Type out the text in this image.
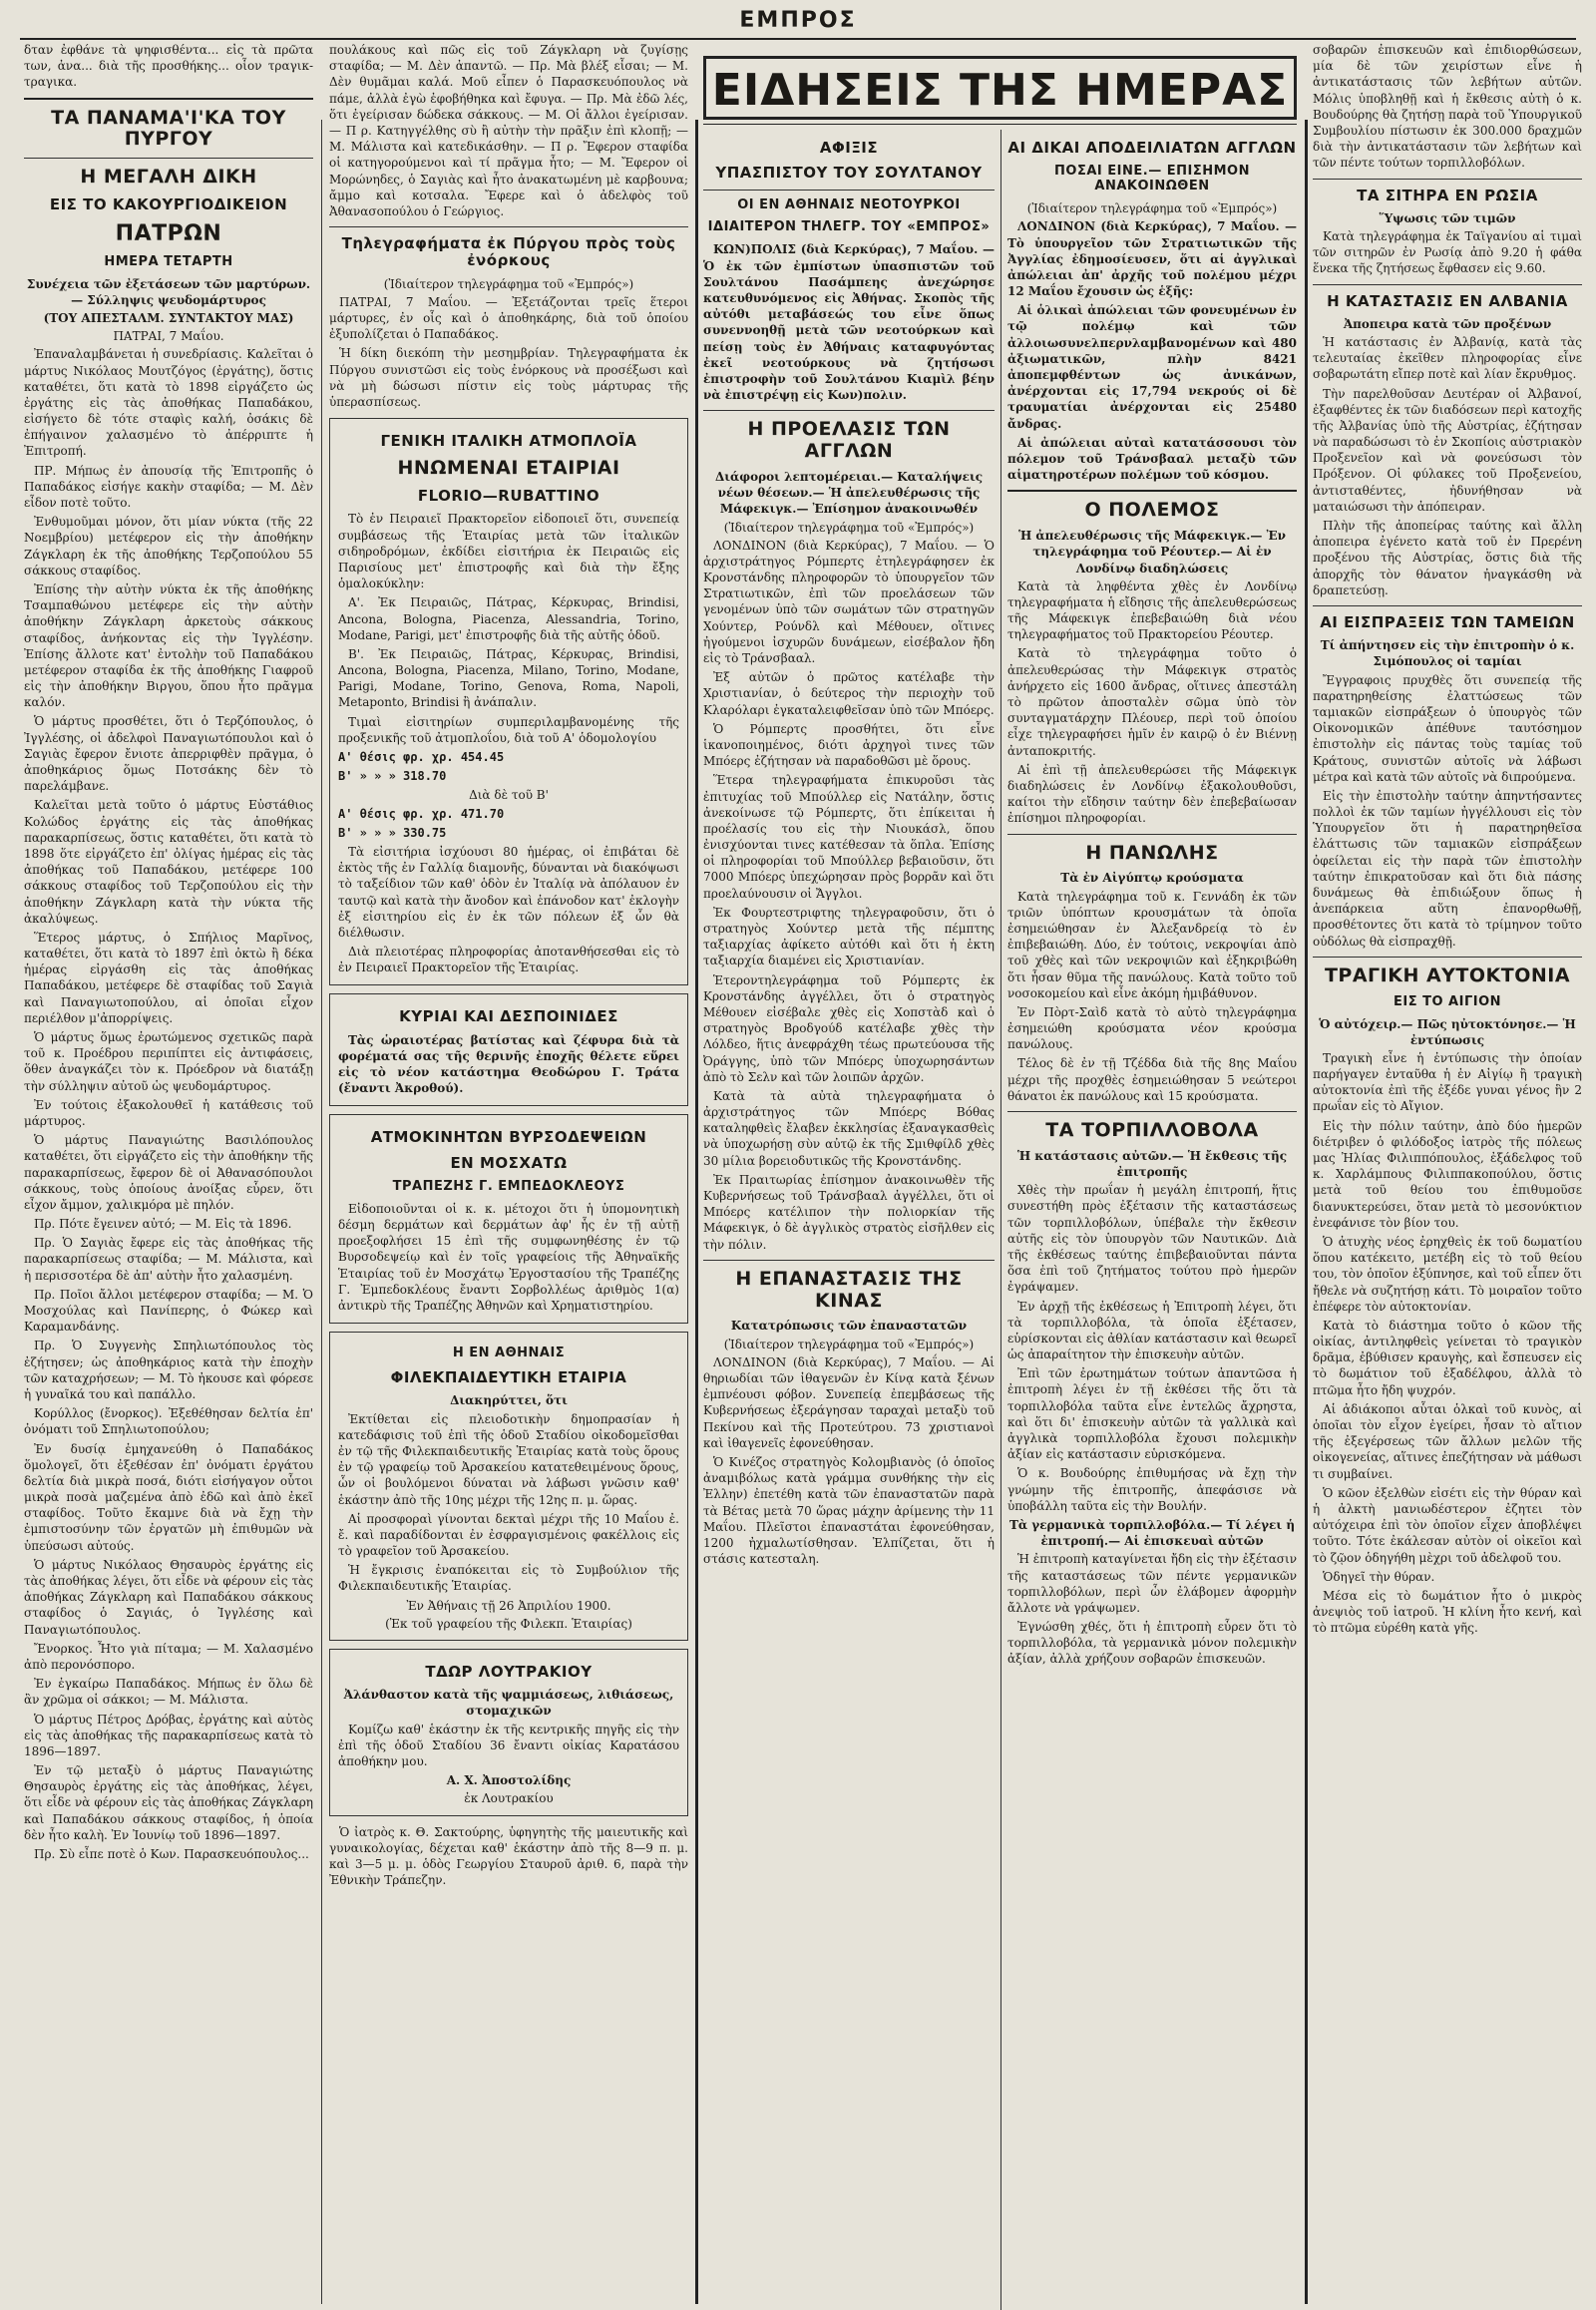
ΕΜΠΡΟΣ
ΕΙΔΗΣΕΙΣ ΤΗΣ ΗΜΕΡΑΣ

δταν ἐφθάνε τὰ ψηφισθέντα... εἰς τὰ πρῶτα των, ἀνα... διὰ τῆς προσθήκης... οἷον τραγικ-τραγικα.

ΤΑ ΠΑΝΑΜΑ'Ι'ΚΑ ΤΟΥ ΠΥΡΓΟΥ
Η ΜΕΓΑΛΗ ΔΙΚΗ
ΕΙΣ ΤΟ ΚΑΚΟΥΡΓΙΟΔΙΚΕΙΟΝ
ΠΑΤΡΩΝ
ΗΜΕΡΑ ΤΕΤΑΡΤΗ

Συνέχεια τῶν ἐξετάσεων τῶν μαρτύρων.— Σύλληψις ψευδομάρτυρος

(ΤΟΥ ΑΠΕΣΤΑΛΜ. ΣΥΝΤΑΚΤΟΥ ΜΑΣ)

ΠΑΤΡΑΙ, 7 Μαΐου.

Ἐπαναλαμβάνεται ἡ συνεδρίασις. Καλεῖται ὁ μάρτυς Νικόλαος Μουτζόγος (ἐργάτης), ὅστις καταθέτει, ὅτι κατὰ τὸ 1898 εἰργάζετο ὡς ἐργάτης εἰς τὰς ἀποθήκας Παπαδάκου, εἰσήγετο δὲ τότε σταφὶς καλή, ὀσάκις δὲ ἐπήγαινον χαλασμένο τὸ ἀπέρριπτε ἡ Ἐπιτροπή.

ΠΡ. Μήπως ἐν ἀπουσίᾳ τῆς Ἐπιτροπῆς ὁ Παπαδάκος εἰσήγε κακὴν σταφίδα; — Μ. Δὲν εἶδον ποτὲ τοῦτο.

Ἐνθυμοῦμαι μόνον, ὅτι μίαν νύκτα (τῆς 22 Νοεμβρίου) μετέφερον εἰς τὴν ἀποθήκην Ζάγκλαρη ἐκ τῆς ἀποθήκης Τερζοπούλου 55 σάκκους σταφίδος.

Ἐπίσης τὴν αὐτὴν νύκτα ἐκ τῆς ἀποθήκης Τσαμπαθώνου μετέφερε εἰς τὴν αὐτὴν ἀποθήκην Ζάγκλαρη ἀρκετοὺς σάκκους σταφίδος, ἀνήκοντας εἰς τὴν Ἰγγλέσην. Ἐπίσης ἄλλοτε κατ' ἐντολὴν τοῦ Παπαδάκου μετέφερον σταφίδα ἐκ τῆς ἀποθήκης Γιαφροῦ εἰς τὴν ἀποθήκην Βιργου, ὅπου ἦτο πρᾶγμα καλόν.

Ὁ μάρτυς προσθέτει, ὅτι ὁ Τερζόπουλος, ὁ Ἰγγλέσης, οἱ ἀδελφοὶ Παναγιωτόπουλοι καὶ ὁ Σαγιὰς ἔφερον ἔνιοτε ἀπερριφθὲν πρᾶγμα, ὁ ἀποθηκάριος ὅμως Ποτσάκης δὲν τὸ παρελάμβανε.

Καλεῖται μετὰ τοῦτο ὁ μάρτυς Εὐστάθιος Κολώδος ἐργάτης εἰς τὰς ἀποθήκας παρακαρπίσεως, ὅστις καταθέτει, ὅτι κατὰ τὸ 1898 ὅτε εἰργάζετο ἐπ' ὀλίγας ἡμέρας εἰς τὰς ἀποθήκας τοῦ Παπαδάκου, μετέφερε 100 σάκκους σταφίδος τοῦ Τερζοπούλου εἰς τὴν ἀποθήκην Ζάγκλαρη κατὰ τὴν νύκτα τῆς ἀκαλύψεως.

Ἕτερος μάρτυς, ὁ Σπήλιος Μαρῖνος, καταθέτει, ὅτι κατὰ τὸ 1897 ἐπὶ ὀκτὼ ἢ δέκα ἡμέρας εἰργάσθη εἰς τὰς ἀποθήκας Παπαδάκου, μετέφερε δὲ σταφίδας τοῦ Σαγιὰ καὶ Παναγιωτοπούλου, αἱ ὁποῖαι εἶχον περιέλθον μ'ἀπορρίψεις.

Ὁ μάρτυς ὅμως ἐρωτώμενος σχετικῶς παρὰ τοῦ κ. Προέδρου περιπίπτει εἰς ἀντιφάσεις, ὅθεν ἀναγκάζει τὸν κ. Πρόεδρον νὰ διατάξῃ τὴν σύλληψιν αὐτοῦ ὡς ψευδομάρτυρος.

Ἐν τούτοις ἐξακολουθεῖ ἡ κατάθεσις τοῦ μάρτυρος.

Ὁ μάρτυς Παναγιώτης Βασιλόπουλος καταθέτει, ὅτι εἰργάζετο εἰς τὴν ἀποθήκην τῆς παρακαρπίσεως, ἔφερον δὲ οἱ Ἀθανασόπουλοι σάκκους, τοὺς ὁποίους ἀνοίξας εὗρεν, ὅτι εἶχον ἄμμον, χαλικμόρα μὲ πηλόν.

Πρ. Πότε ἔγεινεν αὐτό; — Μ. Εἰς τὰ 1896.

Πρ. Ὁ Σαγιὰς ἔφερε εἰς τὰς ἀποθήκας τῆς παρακαρπίσεως σταφίδα; — Μ. Μάλιστα, καὶ ἡ περισσοτέρα δὲ ἀπ' αὐτὴν ἦτο χαλασμένη.

Πρ. Ποῖοι ἄλλοι μετέφερον σταφίδα; — Μ. Ὁ Μοσχούλας καὶ Πανίπερης, ὁ Φώκερ καὶ Καραμανδάνης.

Πρ. Ὁ Συγγενὴς Σπηλιωτόπουλος τὸς ἐζήτησεν; ὡς ἀποθηκάριος κατὰ τὴν ἐποχὴν τῶν καταχρήσεων; — Μ. Τὸ ἠκουσε καὶ φόρεσε ἡ γυναῖκά του καὶ παπάλλο.

Κορύλλος (ἔνορκος). Ἐξεθέθησαν δελτία ἐπ' ὀνόματι τοῦ Σπηλιωτοπούλου;

Ἐν δυσίᾳ ἐμηχανεύθη ὁ Παπαδάκος ὅμολογεῖ, ὅτι ἐξεθέσαν ἐπ' ὀνόματι ἐργάτου δελτία διὰ μικρὰ ποσά, διότι εἰσήγαγον οὗτοι μικρὰ ποσὰ μαζεμένα ἀπὸ ἐδῶ καὶ ἀπὸ ἐκεῖ σταφίδος. Τοῦτο ἔκαμνε διὰ νὰ ἔχῃ τὴν ἐμπιστοσύνην τῶν ἐργατῶν μὴ ἐπιθυμῶν νὰ ὑπεύσωσι αὐτούς.

Ὁ μάρτυς Νικόλαος Θησαυρὸς ἐργάτης εἰς τὰς ἀποθήκας λέγει, ὅτι εἶδε νὰ φέρουν εἰς τὰς ἀποθήκας Ζάγκλαρη καὶ Παπαδάκου σάκκους σταφίδος ὁ Σαγιάς, ὁ Ἰγγλέσης καὶ Παναγιωτόπουλος.

Ἔνορκος. Ἦτο γιὰ πίταμα; — Μ. Χαλασμένο ἀπὸ περονόσπορο.

Ἐν ἐγκαίρω Παπαδάκος. Μήπως ἐν ὅλω δὲ ἂν χρῶμα οἱ σάκκοι; — Μ. Μάλιστα.

Ὁ μάρτυς Πέτρος Δρόβας, ἐργάτης καὶ αὐτὸς εἰς τὰς ἀποθήκας τῆς παρακαρπίσεως κατὰ τὸ 1896—1897.

Ἐν τῷ μεταξὺ ὁ μάρτυς Παναγιώτης Θησαυρὸς ἐργάτης εἰς τὰς ἀποθήκας, λέγει, ὅτι εἶδε νὰ φέρουν εἰς τὰς ἀποθήκας Ζάγκλαρη καὶ Παπαδάκου σάκκους σταφίδος, ἡ ὁποία δὲν ἦτο καλὴ. Ἐν Ἰουνίῳ τοῦ 1896—1897.

Πρ. Σὺ εἶπε ποτὲ ὁ Κων. Παρασκευόπουλος...

πουλάκους καὶ πῶς εἰς τοῦ Ζάγκλαρη νὰ ζυγίσῃς σταφίδα; — Μ. Δὲν ἀπαντῶ. — Πρ. Μὰ βλέξ εἶσαι; — Μ. Δὲν θυμᾶμαι καλά. Μοῦ εἶπεν ὁ Παρασκευόπουλος νὰ πάμε, ἀλλὰ ἐγὼ ἐφοβήθηκα καὶ ἔφυγα. — Πρ. Μὰ ἐδῶ λές, ὅτι ἐγείρισαν δώδεκα σάκκους. — Μ. Οἱ ἄλλοι ἐγείρισαν. — Π ρ. Κατηγγέλθης σὺ ἢ αὐτὴν τὴν πρᾶξιν ἐπὶ κλοπῇ; — Μ. Μάλιστα καὶ κατεδικάσθην. — Π ρ. Ἔφερον σταφίδα οἱ κατηγορούμενοι καὶ τί πρᾶγμα ἦτο; — Μ. Ἔφερον οἱ Μορώνηδες, ὁ Σαγιὰς καὶ ἦτο ἀνακατωμένη μὲ καρβουνα; ἄμμο καὶ κοτσαλα. Ἔφερε καὶ ὁ ἀδελφὸς τοῦ Ἀθανασοπούλου ὁ Γεώργιος.

Τηλεγραφήματα ἐκ Πύργου πρὸς τοὺς ἐνόρκους

(Ἰδιαίτερον τηλεγράφημα τοῦ «Ἐμπρός»)

ΠΑΤΡΑΙ, 7 Μαΐου. — Ἐξετάζονται τρεῖς ἕτεροι μάρτυρες, ἐν οἷς καὶ ὁ ἀποθηκάρης, διὰ τοῦ ὁποίου ἐξυπολίζεται ὁ Παπαδάκος.

Ἡ δίκη διεκόπη τὴν μεσημβρίαν. Τηλεγραφήματα ἐκ Πύργου συνιστῶσι εἰς τοὺς ἐνόρκους νὰ προσέξωσι καὶ νὰ μὴ δώσωσι πίστιν εἰς τοὺς μάρτυρας τῆς ὑπερασπίσεως.

ΓΕΝΙΚΗ ΙΤΑΛΙΚΗ ΑΤΜΟΠΛΟΪΑ
ΗΝΩΜΕΝΑΙ ΕΤΑΙΡΙΑΙ
FLORIO—RUBATTINO

Τὸ ἐν Πειραιεῖ Πρακτορεῖον εἰδοποιεῖ ὅτι, συνεπείᾳ συμβάσεως τῆς Ἑταιρίας μετὰ τῶν ἰταλικῶν σιδηροδρόμων, ἐκδίδει εἰσιτήρια ἐκ Πειραιῶς εἰς Παρισίους μετ' ἐπιστροφῆς καὶ διὰ τὴν ἔξης ὁμαλοκύκλην:

Α'. Ἐκ Πειραιῶς, Πάτρας, Κέρκυρας, Brindisi, Ancona, Bologna, Piacenza, Alessandria, Torino, Modane, Parigi, μετ' ἐπιστροφῆς διὰ τῆς αὐτῆς ὁδοῦ.

Β'. Ἐκ Πειραιῶς, Πάτρας, Κέρκυρας, Brindisi, Ancona, Bologna, Piacenza, Milano, Torino, Modane, Parigi, Modane, Torino, Genova, Roma, Napoli, Metaponto, Brindisi ἢ ἀνάπαλιν.

Τιμαὶ εἰσιτηρίων συμπεριλαμβανομένης τῆς προξενικῆς τοῦ ἀτμοπλοΐου, διὰ τοῦ Α' ὁδομολογίου

Α' θέσις φρ. χρ. 454.45

Β' » » » 318.70

Διὰ δὲ τοῦ Β'

Α' θέσις φρ. χρ. 471.70

Β' » » » 330.75

Τὰ εἰσιτήρια ἰσχύουσι 80 ἡμέρας, οἱ ἐπιβάται δὲ ἐκτὸς τῆς ἐν Γαλλίᾳ διαμονῆς, δύνανται νὰ διακόψωσι τὸ ταξείδιον τῶν καθ' ὁδὸν ἐν Ἰταλίᾳ νὰ ἀπόλαυον ἐν ταυτῷ καὶ κατὰ τὴν ἄνοδον καὶ ἐπάνοδον κατ' ἐκλογὴν ἐξ εἰσιτηρίου εἰς ἐν ἐκ τῶν πόλεων ἐξ ὧν θὰ διέλθωσιν.

Διὰ πλειοτέρας πληροφορίας ἀποτανθήσεσθαι εἰς τὸ ἐν Πειραιεῖ Πρακτορεῖον τῆς Ἑταιρίας.

ΚΥΡΙΑΙ ΚΑΙ ΔΕΣΠΟΙΝΙΔΕΣ

Τὰς ὡραιοτέρας βατίστας καὶ ζέφυρα διὰ τὰ φορέματά σας τῆς θερινῆς ἐποχῆς θέλετε εὕρει εἰς τὸ νέον κατάστημα Θεοδώρου Γ. Τράτα (ἔναντι Ἀκροθού).

ΑΤΜΟΚΙΝΗΤΩΝ ΒΥΡΣΟΔΕΨΕΙΩΝ
ΕΝ ΜΟΣΧΑΤΩ
ΤΡΑΠΕΖΗΣ Γ. ΕΜΠΕΔΟΚΛΕΟΥΣ

Εἰδοποιοῦνται οἱ κ. κ. μέτοχοι ὅτι ἡ ὑπομονητικὴ δέσμη δερμάτων καὶ δερμάτων ἀφ' ἧς ἐν τῇ αὐτῇ προεξοφλήσει 15 ἐπὶ τῆς συμφωνηθέσης ἐν τῷ Βυρσοδεψείῳ καὶ ἐν τοῖς γραφείοις τῆς Ἀθηναϊκῆς Ἑταιρίας τοῦ ἐν Μοσχάτῳ Ἐργοστασίου τῆς Τραπέζης Γ. Ἐμπεδοκλέους ἔναντι Σορβολλέως ἀριθμὸς 1(α) ἀντικρὺ τῆς Τραπέζης Ἀθηνῶν καὶ Χρηματιστηρίου.

Η ΕΝ ΑΘΗΝΑΙΣ
ΦΙΛΕΚΠΑΙΔΕΥΤΙΚΗ ΕΤΑΙΡΙΑ

Διακηρύττει, ὅτι

Ἐκτίθεται εἰς πλειοδοτικὴν δημοπρασίαν ἡ κατεδάφισις τοῦ ἐπὶ τῆς ὁδοῦ Σταδίου οἰκοδομεῖσθαι ἐν τῷ τῆς Φιλεκπαιδευτικῆς Ἑταιρίας κατὰ τοὺς ὅρους ἐν τῷ γραφείῳ τοῦ Ἀρσακείου κατατεθειμένους ὅρους, ὧν οἱ βουλόμενοι δύναται νὰ λάβωσι γνῶσιν καθ' ἑκάστην ἀπὸ τῆς 10ης μέχρι τῆς 12ης π. μ. ὥρας.

Αἱ προσφοραὶ γίνονται δεκταὶ μέχρι τῆς 10 Μαΐου ἐ. ἔ. καὶ παραδίδονται ἐν ἐσφραγισμένοις φακέλλοις εἰς τὸ γραφεῖον τοῦ Ἀρσακείου.

Ἡ ἔγκρισις ἐναπόκειται εἰς τὸ Συμβούλιον τῆς Φιλεκπαιδευτικῆς Ἑταιρίας.

Ἐν Ἀθήναις τῇ 26 Ἀπριλίου 1900.

(Ἐκ τοῦ γραφείου τῆς Φιλεκπ. Ἑταιρίας)

ΤΔΩΡ ΛΟΥΤΡΑΚΙΟΥ

Ἀλάνθαστον κατὰ τῆς ψαμμιάσεως, λιθιάσεως, στομαχικῶν

Κομίζω καθ' ἑκάστην ἐκ τῆς κεντρικῆς πηγῆς εἰς τὴν ἐπὶ τῆς ὁδοῦ Σταδίου 36 ἔναντι οἰκίας Καρατάσου ἀποθήκην μου.

Α. Χ. Ἀποστολίδης

ἐκ Λουτρακίου

Ὁ ἰατρὸς κ. Θ. Σακτούρης, ὑφηγητὴς τῆς μαιευτικῆς καὶ γυναικολογίας, δέχεται καθ' ἑκάστην ἀπὸ τῆς 8—9 π. μ. καὶ 3—5 μ. μ. ὁδὸς Γεωργίου Σταυροῦ ἀριθ. 6, παρὰ τὴν Ἐθνικὴν Τράπεζην.

ΑΦΙΞΙΣ
ΥΠΑΣΠΙΣΤΟΥ ΤΟΥ ΣΟΥΛΤΑΝΟΥ
ΟΙ ΕΝ ΑΘΗΝΑΙΣ ΝΕΟΤΟΥΡΚΟΙ
ΙΔΙΑΙΤΕΡΟΝ ΤΗΛΕΓΡ. ΤΟΥ «ΕΜΠΡΟΣ»

ΚΩΝ)ΠΟΛΙΣ (διὰ Κερκύρας), 7 Μαΐου. — Ὁ ἐκ τῶν ἐμπίστων ὑπασπιστῶν τοῦ Σουλτάνου Πασάμπεης ἀνεχώρησε κατευθυνόμενος εἰς Ἀθήνας. Σκοπὸς τῆς αὐτόθι μεταβάσεώς του εἶνε ὅπως συνεννοηθῇ μετὰ τῶν νεοτούρκων καὶ πείσῃ τοὺς ἐν Ἀθήναις καταφυγόντας ἐκεῖ νεοτούρκους νὰ ζητήσωσι ἐπιστροφὴν τοῦ Σουλτάνου Κιαμὶλ βέην νὰ ἐπιστρέψῃ εἰς Κων)πολιν.

Η ΠΡΟΕΛΑΣΙΣ ΤΩΝ ΑΓΓΛΩΝ

Διάφοροι λεπτομέρειαι.— Καταλήψεις νέων θέσεων.— Ἡ ἀπελευθέρωσις τῆς Μάφεκιγκ.— Ἐπίσημον ἀνακοινωθέν

(Ἰδιαίτερον τηλεγράφημα τοῦ «Ἐμπρός»)

ΛΟΝΔΙΝΟΝ (διὰ Κερκύρας), 7 Μαΐου. — Ὁ ἀρχιστράτηγος Ρόμπερτς ἐτηλεγράφησεν ἐκ Κρονστάνδης πληροφορῶν τὸ ὑπουργεῖον τῶν Στρατιωτικῶν, ἐπὶ τῶν προελάσεων τῶν γενομένων ὑπὸ τῶν σωμάτων τῶν στρατηγῶν Χούντερ, Ρούνδλ καὶ Μέθουεν, οἵτινες ἠγούμενοι ἰσχυρῶν δυνάμεων, εἰσέβαλον ἤδη εἰς τὸ Τράνσβααλ.

Ἐξ αὐτῶν ὁ πρῶτος κατέλαβε τὴν Χριστιανίαν, ὁ δεύτερος τὴν περιοχὴν τοῦ Κλαρόλαρι ἐγκαταλειφθεῖσαν ὑπὸ τῶν Μπόερς.

Ὁ Ρόμπερτς προσθήτει, ὅτι εἶνε ἱκανοποιημένος, διότι ἀρχηγοὶ τινες τῶν Μπόερς ἐζήτησαν νὰ παραδοθῶσι μὲ ὅρους.

Ἕτερα τηλεγραφήματα ἐπικυροῦσι τὰς ἐπιτυχίας τοῦ Μπούλλερ εἰς Νατάλην, ὅστις ἀνεκοίνωσε τῷ Ρόμπερτς, ὅτι ἐπίκειται ἡ προέλασίς του εἰς τὴν Νιουκάσλ, ὅπου ἐνισχύονται τινες κατέθεσαν τὰ ὅπλα. Ἐπίσης οἱ πληροφορίαι τοῦ Μπούλλερ βεβαιοῦσιν, ὅτι 7000 Μπόερς ὑπεχώρησαν πρὸς βορρᾶν καὶ ὅτι προελαύνουσιν οἱ Ἄγγλοι.

Ἐκ Φουρτεστριφτης τηλεγραφοῦσιν, ὅτι ὁ στρατηγὸς Χούντερ μετὰ τῆς πέμπτης ταξιαρχίας ἀφίκετο αὐτόθι καὶ ὅτι ἡ ἑκτη ταξιαρχία διαμένει εἰς Χριστιανίαν.

Ἑτεροντηλεγράφημα τοῦ Ρόμπερτς ἐκ Κρονστάνδης ἀγγέλλει, ὅτι ὁ στρατηγὸς Μέθουεν εἰσέβαλε χθὲς εἰς Χοπστὰδ καὶ ὁ στρατηγὸς Βροδγούδ κατέλαβε χθὲς τὴν Λόλδεο, ἥτις ἀνεφράχθη τέως πρωτεύουσα τῆς Ὀράγγης, ὑπὸ τῶν Μπόερς ὑποχωρησάντων ἀπὸ τὸ Σελν καὶ τῶν λοιπῶν ἀρχῶν.

Κατὰ τὰ αὐτὰ τηλεγραφήματα ὁ ἀρχιστράτηγος τῶν Μπόερς Βόθας καταληφθεὶς ἔλαβεν ἐκκλησίας ἐξαναγκασθεὶς νὰ ὑποχωρήσῃ σὺν αὐτῷ ἐκ τῆς Σμιθφίλδ χθὲς 30 μίλια βορειοδυτικῶς τῆς Κρονστάνδης.

Ἐκ Πραιτωρίας ἐπίσημον ἀνακοινωθὲν τῆς Κυβερνήσεως τοῦ Τράνσβααλ ἀγγέλλει, ὅτι οἱ Μπόερς κατέλιπον τὴν πολιορκίαν τῆς Μάφεκιγκ, ὁ δὲ ἀγγλικὸς στρατὸς εἰσῆλθεν εἰς τὴν πόλιν.

Η ΕΠΑΝΑΣΤΑΣΙΣ ΤΗΣ ΚΙΝΑΣ

Κατατρόπωσις τῶν ἐπαναστατῶν

(Ἰδιαίτερον τηλεγράφημα τοῦ «Ἐμπρός»)

ΛΟΝΔΙΝΟΝ (διὰ Κερκύρας), 7 Μαΐου. — Αἱ θηριωδίαι τῶν ἰθαγενῶν ἐν Κίνᾳ κατὰ ξένων ἐμπνέουσι φόβον. Συνεπείᾳ ἐπεμβάσεως τῆς Κυβερνήσεως ἐξεράγησαν ταραχαὶ μεταξὺ τοῦ Πεκίνου καὶ τῆς Προτεύτρου. 73 χριστιανοὶ καὶ ἰθαγενεῖς ἐφονεύθησαν.

Ὁ Κινέζος στρατηγὸς Κολομβιανὸς (ὁ ὁποῖος ἀναμιβόλως κατὰ γράμμα συνθήκης τὴν εἰς Ἐλλην) ἐπετέθη κατὰ τῶν ἐπαναστατῶν παρὰ τὰ Βέτας μετὰ 70 ὥρας μάχην ἀρίμενης τὴν 11 Μαΐου. Πλεῖστοι ἐπαναστάται ἐφονεύθησαν, 1200 ἠχμαλωτίσθησαν. Ἐλπίζεται, ὅτι ἡ στάσις κατεσταλη.

ΑΙ ΔΙΚΑΙ ΑΠΟΔΕΙΛΙΑΤΩΝ ΑΓΓΛΩΝ
ΠΟΣΑΙ ΕΙΝΕ.— ΕΠΙΣΗΜΟΝ ΑΝΑΚΟΙΝΩΘΕΝ

(Ἰδιαίτερον τηλεγράφημα τοῦ «Ἐμπρός»)

ΛΟΝΔΙΝΟΝ (διὰ Κερκύρας), 7 Μαΐου. — Τὸ ὑπουργεῖον τῶν Στρατιωτικῶν τῆς Ἀγγλίας ἐδημοσίευσεν, ὅτι αἱ ἀγγλικαὶ ἀπώλειαι ἀπ' ἀρχῆς τοῦ πολέμου μέχρι 12 Μαΐου ἔχουσιν ὡς ἑξῆς:

Αἱ ὁλικαὶ ἀπώλειαι τῶν φονευμένων ἐν τῷ πολέμῳ καὶ τῶν ἀλλοιωσυνελπερνλαμβανομένων καὶ 480 ἀξιωματικῶν, πλὴν 8421 ἀποπεμφθέντων ὡς ἀνικάνων, ἀνέρχονται εἰς 17,794 νεκρούς οἱ δὲ τραυματίαι ἀνέρχονται εἰς 25480 ἄνδρας.

Αἱ ἀπώλειαι αὐταὶ κατατάσσουσι τὸν πόλεμον τοῦ Τράνσβααλ μεταξὺ τῶν αἱματηροτέρων πολέμων τοῦ κόσμου.

Ο ΠΟΛΕΜΟΣ

Ἡ ἀπελευθέρωσις τῆς Μάφεκιγκ.— Ἐν τηλεγράφημα τοῦ Ρέουτερ.— Αἱ ἐν Λονδίνῳ διαδηλώσεις

Κατὰ τὰ ληφθέντα χθὲς ἐν Λονδίνῳ τηλεγραφήματα ἡ εἴδησις τῆς ἀπελευθερώσεως τῆς Μάφεκιγκ ἐπεβεβαιώθη διὰ νέου τηλεγραφήματος τοῦ Πρακτορείου Ρέουτερ.

Κατὰ τὸ τηλεγράφημα τοῦτο ὁ ἀπελευθερώσας τὴν Μάφεκιγκ στρατὸς ἀνήρχετο εἰς 1600 ἄνδρας, οἵτινες ἀπεστάλη τὸ πρῶτον ἀποσταλὲν σῶμα ὑπὸ τὸν συνταγματάρχην Πλέουερ, περὶ τοῦ ὁποίου εἶχε τηλεγραφήσει ἡμῖν ἐν καιρῷ ὁ ἐν Βιέννῃ ἀνταποκριτής.

Αἱ ἐπὶ τῇ ἀπελευθερώσει τῆς Μάφεκιγκ διαδηλώσεις ἐν Λονδίνῳ ἐξακολουθοῦσι, καίτοι τὴν εἴδησιν ταύτην δὲν ἐπεβεβαίωσαν ἐπίσημοι πληροφορίαι.

Η ΠΑΝΩΛΗΣ

Τὰ ἐν Αἰγύπτῳ κρούσματα

Κατὰ τηλεγράφημα τοῦ κ. Γεννάδη ἐκ τῶν τριῶν ὑπόπτων κρουσμάτων τὰ ὁποῖα ἐσημειώθησαν ἐν Ἀλεξανδρείᾳ τὸ ἐν ἐπιβεβαιώθη. Δύο, ἐν τούτοις, νεκροψίαι ἀπὸ τοῦ χθὲς καὶ τῶν νεκροψιῶν καὶ ἐξηκριβώθη ὅτι ἦσαν θῦμα τῆς πανώλους. Κατὰ τοῦτο τοῦ νοσοκομείου καὶ εἶνε ἀκόμη ἡμιβάθυνον.

Ἐν Πὸρτ-Σαὶδ κατὰ τὸ αὐτὸ τηλεγράφημα ἐσημειώθη κρούσματα νέον κρούσμα πανώλους.

Τέλος δὲ ἐν τῇ Τζέδδα διὰ τῆς 8ης Μαΐου μέχρι τῆς προχθὲς ἐσημειώθησαν 5 νεώτεροι θάνατοι ἐκ πανώλους καὶ 15 κρούσματα.

ΤΑ ΤΟΡΠΙΛΛΟΒΟΛΑ

Ἡ κατάστασις αὐτῶν.— Ἡ ἔκθεσις τῆς ἐπιτροπῆς

Χθὲς τὴν πρωΐαν ἡ μεγάλη ἐπιτροπή, ἥτις συνεστήθη πρὸς ἐξέτασιν τῆς καταστάσεως τῶν τορπιλλοβόλων, ὑπέβαλε τὴν ἔκθεσιν αὐτῆς εἰς τὸν ὑπουργὸν τῶν Ναυτικῶν. Διὰ τῆς ἐκθέσεως ταύτης ἐπιβεβαιοῦνται πάντα ὅσα ἐπὶ τοῦ ζητήματος τούτου πρὸ ἡμερῶν ἐγράψαμεν.

Ἐν ἀρχῇ τῆς ἐκθέσεως ἡ Ἐπιτροπὴ λέγει, ὅτι τὰ τορπιλλοβόλα, τὰ ὁποῖα ἐξέτασεν, εὑρίσκονται εἰς ἀθλίαν κατάστασιν καὶ θεωρεῖ ὡς ἀπαραίτητον τὴν ἐπισκευὴν αὐτῶν.

Ἐπὶ τῶν ἐρωτημάτων τούτων ἀπαντῶσα ἡ ἐπιτροπὴ λέγει ἐν τῇ ἐκθέσει τῆς ὅτι τὰ τορπιλλοβόλα ταῦτα εἶνε ἐντελῶς ἄχρηστα, καὶ ὅτι δι' ἐπισκευὴν αὐτῶν τὰ γαλλικὰ καὶ ἀγγλικὰ τορπιλλοβόλα ἔχουσι πολεμικὴν ἀξίαν εἰς κατάστασιν εὑρισκόμενα.

Ὁ κ. Βουδούρης ἐπιθυμήσας νὰ ἔχῃ τὴν γνώμην τῆς ἐπιτροπῆς, ἀπεφάσισε νὰ ὑποβάλλη ταῦτα εἰς τὴν Βουλήν.

Τὰ γερμανικὰ τορπιλλοβόλα.— Τί λέγει ἡ ἐπιτροπή.— Αἱ ἐπισκευαὶ αὐτῶν

Ἡ ἐπιτροπὴ καταγίνεται ἤδη εἰς τὴν ἐξέτασιν τῆς καταστάσεως τῶν πέντε γερμανικῶν τορπιλλοβόλων, περὶ ὧν ἐλάβομεν ἀφορμὴν ἄλλοτε νὰ γράψωμεν.

Ἐγνώσθη χθές, ὅτι ἡ ἐπιτροπὴ εὗρεν ὅτι τὸ τορπιλλοβόλα, τὰ γερμανικὰ μόνον πολεμικὴν ἀξίαν, ἀλλὰ χρήζουν σοβαρῶν ἐπισκευῶν.

σοβαρῶν ἐπισκευῶν καὶ ἐπιδιορθώσεων, μία δὲ τῶν χειρίστων εἶνε ἡ ἀντικατάστασις τῶν λεβήτων αὐτῶν. Μόλις ὑποβληθῇ καὶ ἡ ἔκθεσις αὐτὴ ὁ κ. Βουδούρης θὰ ζητήσῃ παρὰ τοῦ Ὑπουργικοῦ Συμβουλίου πίστωσιν ἐκ 300.000 δραχμῶν διὰ τὴν ἀντικατάστασιν τῶν λεβήτων καὶ τῶν πέντε τούτων τορπιλλοβόλων.

ΤΑ ΣΙΤΗΡΑ ΕΝ ΡΩΣΙΑ

Ὕψωσις τῶν τιμῶν

Κατὰ τηλεγράφημα ἐκ Ταϊγανίου αἱ τιμαὶ τῶν σιτηρῶν ἐν Ρωσίᾳ ἀπὸ 9.20 ἡ φάθα ἕνεκα τῆς ζητήσεως ἔφθασεν εἰς 9.60.

Η ΚΑΤΑΣΤΑΣΙΣ ΕΝ ΑΛΒΑΝΙΑ

Ἀποπειρα κατὰ τῶν προξένων

Ἡ κατάστασις ἐν Ἀλβανίᾳ, κατὰ τὰς τελευταίας ἐκεῖθεν πληροφορίας εἶνε σοβαρωτάτη εἴπερ ποτὲ καὶ λίαν ἔκρυθμος.

Τὴν παρελθοῦσαν Δευτέραν οἱ Ἀλβανοί, ἐξαφθέντες ἐκ τῶν διαδόσεων περὶ κατοχῆς τῆς Ἀλβανίας ὑπὸ τῆς Αὐστρίας, ἐζήτησαν νὰ παραδώσωσι τὸ ἐν Σκοπίοις αὐστριακὸν Προξενεῖον καὶ νὰ φονεύσωσι τὸν Πρόξενον. Οἱ φύλακες τοῦ Προξενείου, ἀντισταθέντες, ἠδυνήθησαν νὰ ματαιώσωσι τὴν ἀπόπειραν.

Πλὴν τῆς ἀποπείρας ταύτης καὶ ἄλλη ἀποπειρα ἐγένετο κατὰ τοῦ ἐν Πρερένη προξένου τῆς Αὐστρίας, ὅστις διὰ τῆς ἀπορχῆς τὸν θάνατον ἠναγκάσθη νὰ δραπετεύσῃ.

ΑΙ ΕΙΣΠΡΑΞΕΙΣ ΤΩΝ ΤΑΜΕΙΩΝ

Τί ἀπήντησεν εἰς τὴν ἐπιτροπὴν ὁ κ. Σιμόπουλος οἱ ταμίαι

Ἔγγραφοις πρυχθὲς ὅτι συνεπείᾳ τῆς παρατηρηθείσης ἐλαττώσεως τῶν ταμιακῶν εἰσπράξεων ὁ ὑπουργὸς τῶν Οἰκονομικῶν ἀπέθυνε ταυτόσημον ἐπιστολὴν εἰς πάντας τοὺς ταμίας τοῦ Κράτους, συνιστῶν αὐτοῖς νὰ λάβωσι μέτρα καὶ κατὰ τῶν αὐτοῖς νὰ διπρούμενα.

Εἰς τὴν ἐπιστολὴν ταύτην ἀπηντήσαντες πολλοὶ ἐκ τῶν ταμίων ἠγγέλλουσι εἰς τὸν Ὑπουργεῖον ὅτι ἡ παρατηρηθεῖσα ἐλάττωσις τῶν ταμιακῶν εἰσπράξεων ὀφείλεται εἰς τὴν παρὰ τῶν ἐπιστολὴν ταύτην ἐπικρατοῦσαν καὶ ὅτι διὰ πάσης δυνάμεως θὰ ἐπιδιώξουν ὅπως ἡ ἀνεπάρκεια αὕτη ἐπανορθωθῇ, προσθέτοντες ὅτι κατὰ τὸ τρίμηνον τοῦτο οὐδόλως θὰ εἰσπραχθῇ.

ΤΡΑΓΙΚΗ ΑΥΤΟΚΤΟΝΙΑ
ΕΙΣ ΤΟ ΑΙΓΙΟΝ

Ὁ αὐτόχειρ.— Πῶς ηὐτοκτόνησε.— Ἡ ἐντύπωσις

Τραγικὴ εἶνε ἡ ἐντύπωσις τὴν ὁποίαν παρήγαγεν ἐνταῦθα ἡ ἐν Αἰγίῳ ἢ τραγικὴ αὐτοκτονία ἐπὶ τῆς ἐξέδε γυναι γένος ἣν 2 πρωΐαν εἰς τὸ Αἴγιον.

Εἰς τὴν πόλιν ταύτην, ἀπὸ δύο ἡμερῶν διέτριβεν ὁ φιλόδοξος ἰατρὸς τῆς πόλεως μας Ἠλίας Φιλιππόπουλος, ἐξάδελφος τοῦ κ. Χαρλάμπους Φιλιππακοπούλου, ὅστις μετὰ τοῦ θείου του ἐπιθυμοῦσε διανυκτερεύσει, ὅταν μετὰ τὸ μεσονύκτιον ἐνεφάνισε τὸν βίον του.

Ὁ ἀτυχὴς νέος ἐρηχθεὶς ἐκ τοῦ δωματίου ὅπου κατέκειτο, μετέβη εἰς τὸ τοῦ θείου του, τὸν ὁποῖον ἐξύπνησε, καὶ τοῦ εἶπεν ὅτι ἤθελε νὰ συζητήσῃ κάτι. Τὸ μοιραῖον τοῦτο ἐπέφερε τὸν αὐτοκτονίαν.

Κατὰ τὸ διάστημα τοῦτο ὁ κῶον τῆς οἰκίας, ἀντιληφθεὶς γείνεται τὸ τραγικὸν δρᾶμα, ἐβύθισεν κραυγὴς, καὶ ἔσπευσεν εἰς τὸ δωμάτιον τοῦ ἐξαδέλφου, ἀλλὰ τὸ πτῶμα ἦτο ἤδη ψυχρόν.

Αἱ ἀδιάκοποι αὗται ὁλκαὶ τοῦ κυνὸς, αἱ ὁποῖαι τὸν εἶχον ἐγείρει, ἦσαν τὸ αἴτιον τῆς ἐξεγέρσεως τῶν ἄλλων μελῶν τῆς οἰκογενείας, αἵτινες ἐπεζήτησαν νὰ μάθωσι τι συμβαίνει.

Ὁ κῶον ἐξελθὼν εἰσέτι εἰς τὴν θύραν καὶ ἡ ἀλκτὴ μανιωδέστερον ἐζητει τὸν αὐτόχειρα ἐπὶ τὸν ὁποῖον εἶχεν ἀποβλέψει τοῦτο. Τότε ἐκάλεσαν αὐτὸν οἱ οἰκεῖοι καὶ τὸ ζῷον ὁδηγήθη μὲχρι τοῦ ἀδελφοῦ του.

Ὁδηγεῖ τὴν θύραν.

Μέσα εἰς τὸ δωμάτιον ἦτο ὁ μικρὸς ἀνεψιὸς τοῦ ἰατροῦ. Ἡ κλίνη ἦτο κενή, καὶ τὸ πτῶμα εὑρέθη κατὰ γῆς.
